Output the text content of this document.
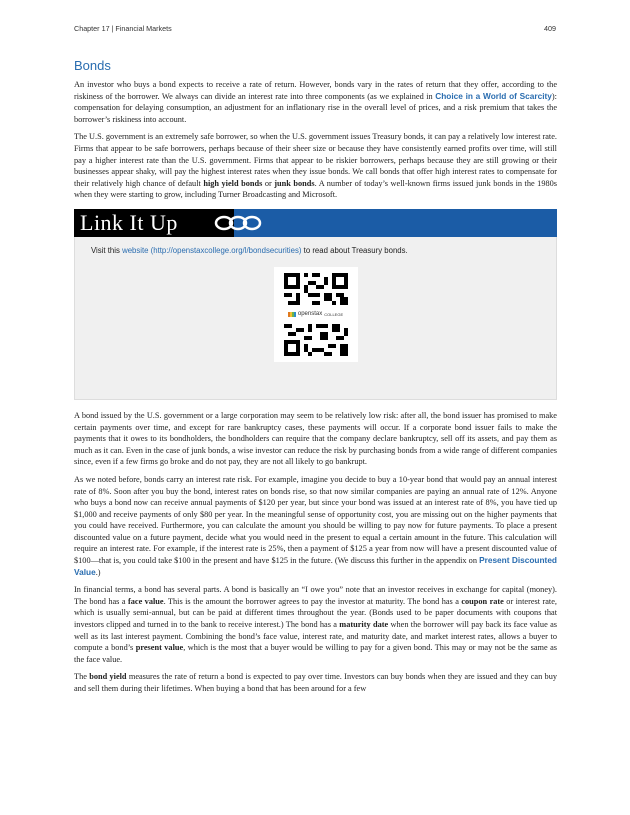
Chapter 17 | Financial Markets	409
Bonds

An investor who buys a bond expects to receive a rate of return. However, bonds vary in the rates of return that they offer, according to the riskiness of the borrower. We always can divide an interest rate into three components (as we explained in Choice in a World of Scarcity): compensation for delaying consumption, an adjustment for an inflationary rise in the overall level of prices, and a risk premium that takes the borrower’s riskiness into account.

The U.S. government is an extremely safe borrower, so when the U.S. government issues Treasury bonds, it can pay a relatively low interest rate. Firms that appear to be safe borrowers, perhaps because of their sheer size or because they have consistently earned profits over time, will still pay a higher interest rate than the U.S. government. Firms that appear to be riskier borrowers, perhaps because they are still growing or their businesses appear shaky, will pay the highest interest rates when they issue bonds. We call bonds that offer high interest rates to compensate for their relatively high chance of default high yield bonds or junk bonds. A number of today’s well-known firms issued junk bonds in the 1980s when they were starting to grow, including Turner Broadcasting and Microsoft.

Link It Up

Visit this website (http://openstaxcollege.org/l/bondsecurities) to read about Treasury bonds.

openstax COLLEGE

A bond issued by the U.S. government or a large corporation may seem to be relatively low risk: after all, the bond issuer has promised to make certain payments over time, and except for rare bankruptcy cases, these payments will occur. If a corporate bond issuer fails to make the payments that it owes to its bondholders, the bondholders can require that the company declare bankruptcy, sell off its assets, and pay them as much as it can. Even in the case of junk bonds, a wise investor can reduce the risk by purchasing bonds from a wide range of different companies since, even if a few firms go broke and do not pay, they are not all likely to go bankrupt.

As we noted before, bonds carry an interest rate risk. For example, imagine you decide to buy a 10-year bond that would pay an annual interest rate of 8%. Soon after you buy the bond, interest rates on bonds rise, so that now similar companies are paying an annual rate of 12%. Anyone who buys a bond now can receive annual payments of $120 per year, but since your bond was issued at an interest rate of 8%, you have tied up $1,000 and receive payments of only $80 per year. In the meaningful sense of opportunity cost, you are missing out on the higher payments that you could have received. Furthermore, you can calculate the amount you should be willing to pay now for future payments. To place a present discounted value on a future payment, decide what you would need in the present to equal a certain amount in the future. This calculation will require an interest rate. For example, if the interest rate is 25%, then a payment of $125 a year from now will have a present discounted value of $100—that is, you could take $100 in the present and have $125 in the future. (We discuss this further in the appendix on Present Discounted Value.)

In financial terms, a bond has several parts. A bond is basically an “I owe you” note that an investor receives in exchange for capital (money). The bond has a face value. This is the amount the borrower agrees to pay the investor at maturity. The bond has a coupon rate or interest rate, which is usually semi-annual, but can be paid at different times throughout the year. (Bonds used to be paper documents with coupons that investors clipped and turned in to the bank to receive interest.) The bond has a maturity date when the borrower will pay back its face value as well as its last interest payment. Combining the bond’s face value, interest rate, and maturity date, and market interest rates, allows a buyer to compute a bond’s present value, which is the most that a buyer would be willing to pay for a given bond. This may or may not be the same as the face value.

The bond yield measures the rate of return a bond is expected to pay over time. Investors can buy bonds when they are issued and they can buy and sell them during their lifetimes. When buying a bond that has been around for a few
